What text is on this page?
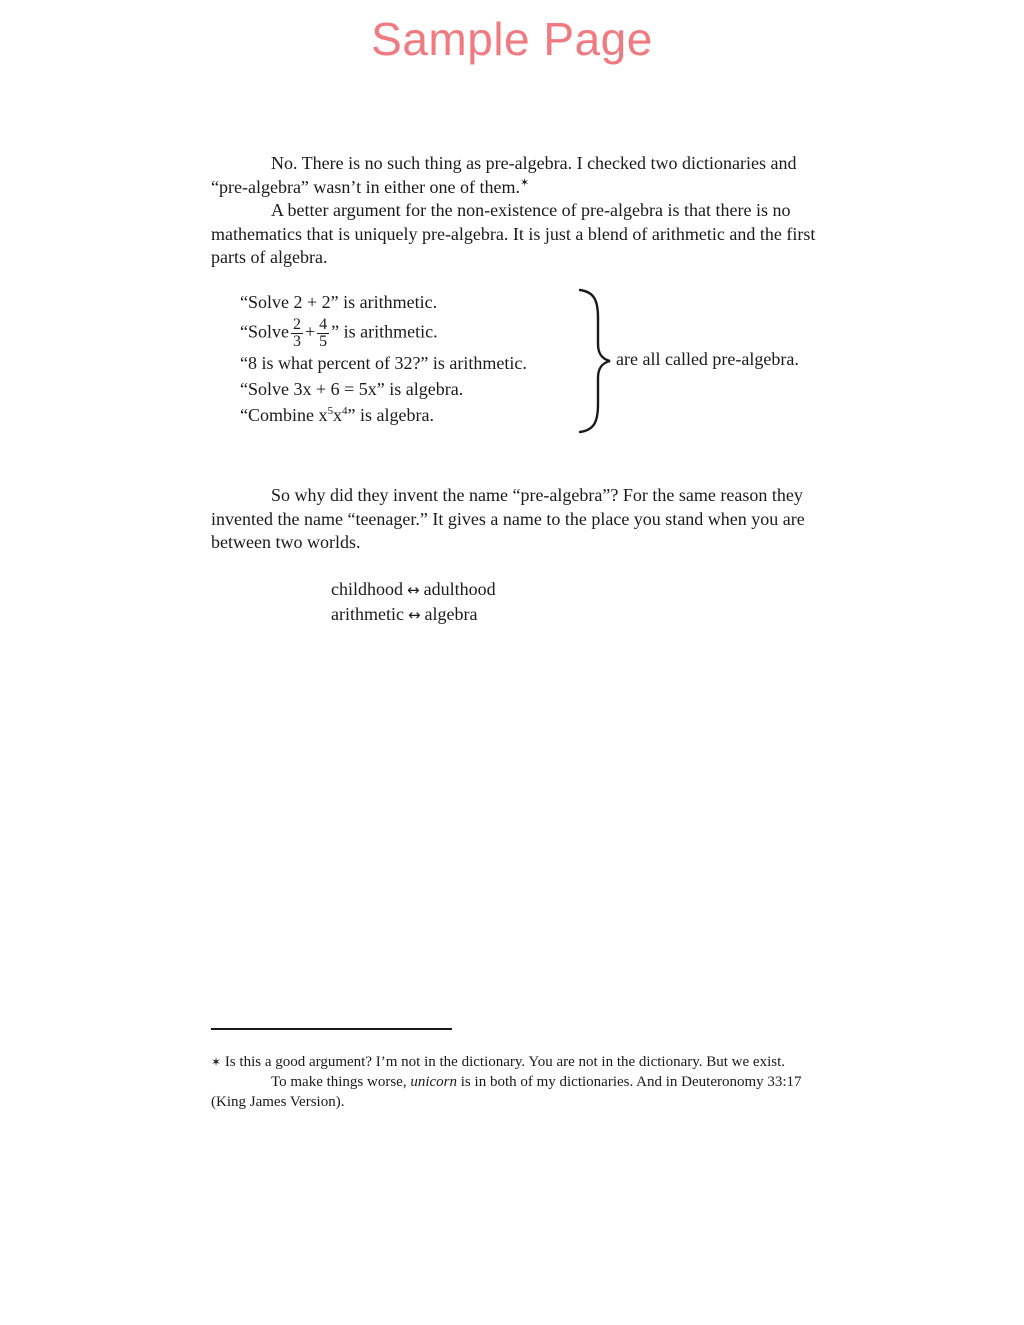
Sample Page

No. There is no such thing as pre-algebra. I checked two dictionaries and “pre-algebra” wasn’t in either one of them.✶

A better argument for the non-existence of pre-algebra is that there is no mathematics that is uniquely pre-algebra. It is just a blend of arithmetic and the first parts of algebra.

“Solve 2 + 2” is arithmetic.
“Solve $\frac{2}{3} + \frac{4}{5}$ ” is arithmetic.
“8 is what percent of 32?” is arithmetic.
“Solve 3x + 6 = 5x” is algebra.
“Combine $x^5x^4$” is algebra.
are all called pre-algebra.

So why did they invent the name “pre-algebra”? For the same reason they invented the name “teenager.” It gives a name to the place you stand when you are between two worlds.

childhood ↔ adulthood
arithmetic ↔ algebra

✶ Is this a good argument? I’m not in the dictionary. You are not in the dictionary. But we exist.

To make things worse, unicorn is in both of my dictionaries. And in Deuteronomy 33:17 (King James Version).
